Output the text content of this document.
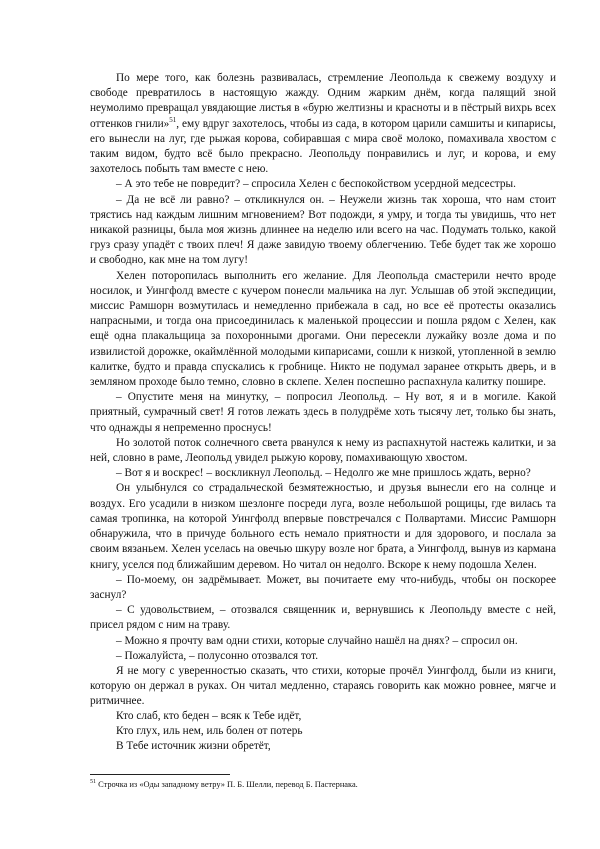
По мере того, как болезнь развивалась, стремление Леопольда к свежему воздуху и свободе превратилось в настоящую жажду. Одним жарким днём, когда палящий зной неумолимо превращал увядающие листья в «бурю желтизны и красноты и в пёстрый вихрь всех оттенков гнили»$^{51}$, ему вдруг захотелось, чтобы из сада, в котором царили самшиты и кипарисы, его вынесли на луг, где рыжая корова, собиравшая с мира своё молоко, помахивала хвостом с таким видом, будто всё было прекрасно. Леопольду понравились и луг, и корова, и ему захотелось побыть там вместе с нею.

– А это тебе не повредит? – спросила Хелен с беспокойством усердной медсестры.

– Да не всё ли равно? – откликнулся он. – Неужели жизнь так хороша, что нам стоит трястись над каждым лишним мгновением? Вот подожди, я умру, и тогда ты увидишь, что нет никакой разницы, была моя жизнь длиннее на неделю или всего на час. Подумать только, какой груз сразу упадёт с твоих плеч! Я даже завидую твоему облегчению. Тебе будет так же хорошо и свободно, как мне на том лугу!

Хелен поторопилась выполнить его желание. Для Леопольда смастерили нечто вроде носилок, и Уингфолд вместе с кучером понесли мальчика на луг. Услышав об этой экспедиции, миссис Рамшорн возмутилась и немедленно прибежала в сад, но все её протесты оказались напрасными, и тогда она присоединилась к маленькой процессии и пошла рядом с Хелен, как ещё одна плакальщица за похоронными дрогами. Они пересекли лужайку возле дома и по извилистой дорожке, окаймлённой молодыми кипарисами, сошли к низкой, утопленной в землю калитке, будто и правда спускались к гробнице. Никто не подумал заранее открыть дверь, и в земляном проходе было темно, словно в склепе. Хелен поспешно распахнула калитку пошире.

– Опустите меня на минутку, – попросил Леопольд. – Ну вот, я и в могиле. Какой приятный, сумрачный свет! Я готов лежать здесь в полудрёме хоть тысячу лет, только бы знать, что однажды я непременно проснусь!

Но золотой поток солнечного света рванулся к нему из распахнутой настежь калитки, и за ней, словно в раме, Леопольд увидел рыжую корову, помахивающую хвостом.

– Вот я и воскрес! – воскликнул Леопольд. – Недолго же мне пришлось ждать, верно?

Он улыбнулся со страдальческой безмятежностью, и друзья вынесли его на солнце и воздух. Его усадили в низком шезлонге посреди луга, возле небольшой рощицы, где вилась та самая тропинка, на которой Уингфолд впервые повстречался с Полвартами. Миссис Рамшорн обнаружила, что в причуде больного есть немало приятности и для здорового, и послала за своим вязаньем. Хелен уселась на овечью шкуру возле ног брата, а Уингфолд, вынув из кармана книгу, уселся под ближайшим деревом. Но читал он недолго. Вскоре к нему подошла Хелен.

– По-моему, он задрёмывает. Может, вы почитаете ему что-нибудь, чтобы он поскорее заснул?

– С удовольствием, – отозвался священник и, вернувшись к Леопольду вместе с ней, присел рядом с ним на траву.

– Можно я прочту вам одни стихи, которые случайно нашёл на днях? – спросил он.

– Пожалуйста, – полусонно отозвался тот.

Я не могу с уверенностью сказать, что стихи, которые прочёл Уингфолд, были из книги, которую он держал в руках. Он читал медленно, стараясь говорить как можно ровнее, мягче и ритмичнее.

Кто слаб, кто беден – всяк к Тебе идёт,
Кто глух, иль нем, иль болен от потерь
В Тебе источник жизни обретёт,
$^{51}$ Строчка из «Оды западному ветру» П. Б. Шелли, перевод Б. Пастернака.
